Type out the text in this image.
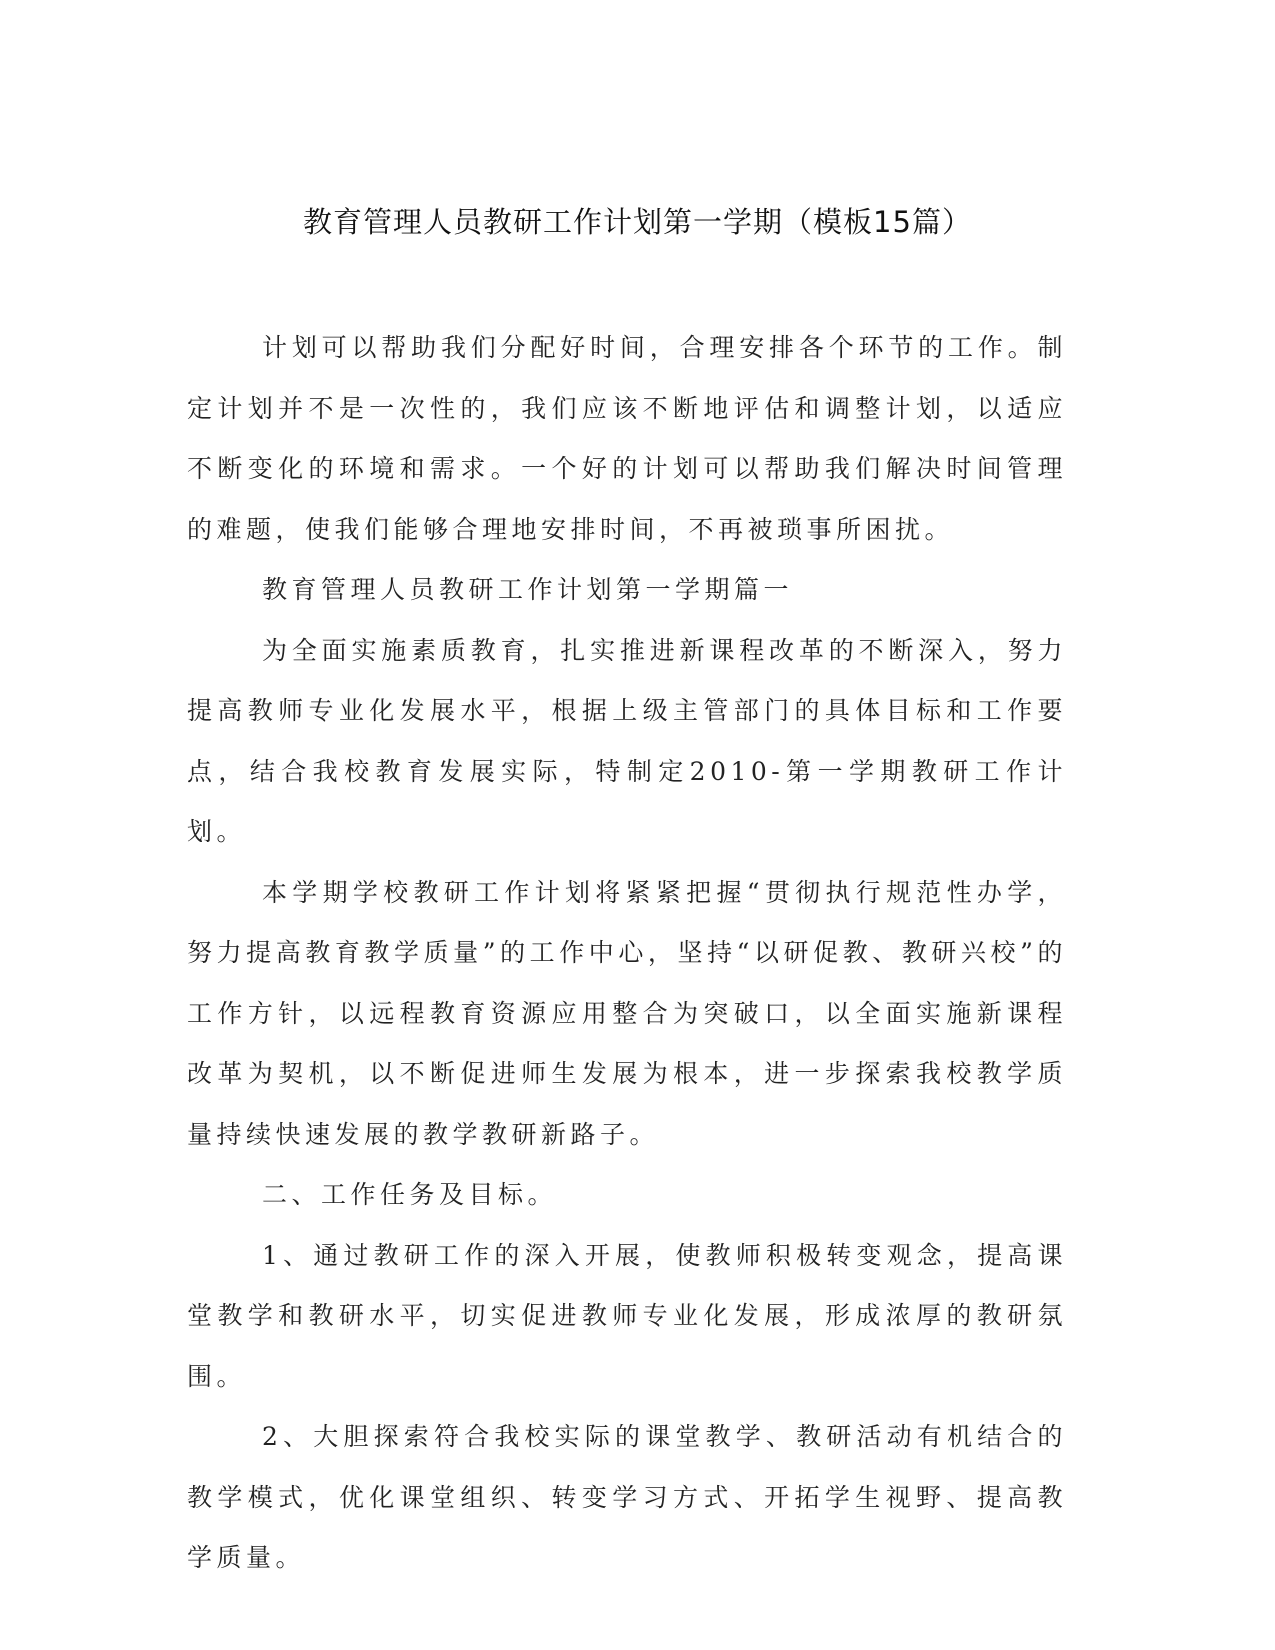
教育管理人员教研工作计划第一学期（模板15篇）

计划可以帮助我们分配好时间，合理安排各个环节的工作。制定计划并不是一次性的，我们应该不断地评估和调整计划，以适应不断变化的环境和需求。一个好的计划可以帮助我们解决时间管理的难题，使我们能够合理地安排时间，不再被琐事所困扰。

教育管理人员教研工作计划第一学期篇一

为全面实施素质教育，扎实推进新课程改革的不断深入，努力提高教师专业化发展水平，根据上级主管部门的具体目标和工作要点，结合我校教育发展实际，特制定2010-第一学期教研工作计划。

本学期学校教研工作计划将紧紧把握“贯彻执行规范性办学，努力提高教育教学质量”的工作中心，坚持“以研促教、教研兴校”的工作方针，以远程教育资源应用整合为突破口，以全面实施新课程改革为契机，以不断促进师生发展为根本，进一步探索我校教学质量持续快速发展的教学教研新路子。

二、工作任务及目标。

1、通过教研工作的深入开展，使教师积极转变观念，提高课堂教学和教研水平，切实促进教师专业化发展，形成浓厚的教研氛围。

2、大胆探索符合我校实际的课堂教学、教研活动有机结合的教学模式，优化课堂组织、转变学习方式、开拓学生视野、提高教学质量。
